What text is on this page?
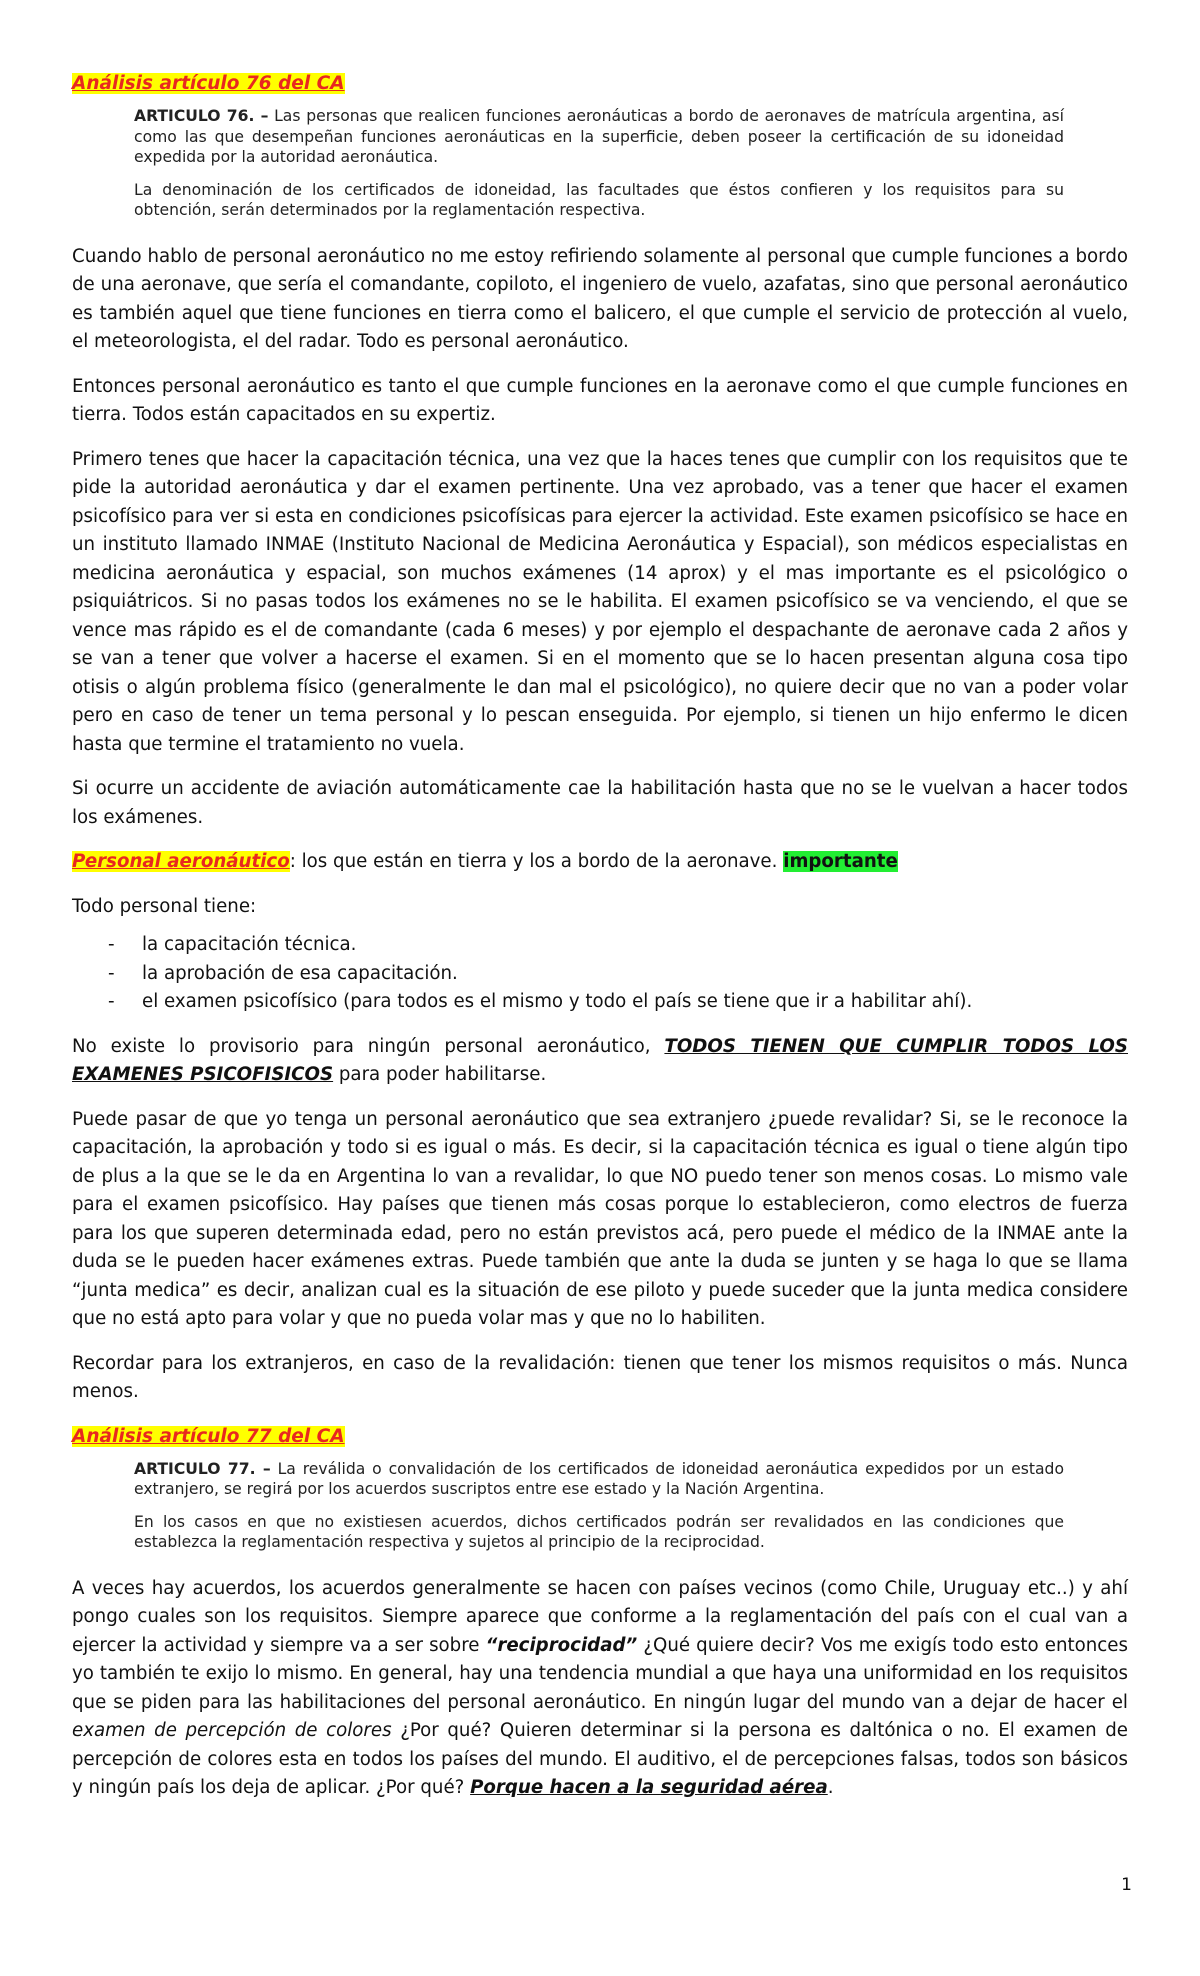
Análisis artículo 76 del CA

ARTICULO 76. – Las personas que realicen funciones aeronáuticas a bordo de aeronaves de matrícula argentina, así como las que desempeñan funciones aeronáuticas en la superficie, deben poseer la certificación de su idoneidad expedida por la autoridad aeronáutica.

La denominación de los certificados de idoneidad, las facultades que éstos confieren y los requisitos para su obtención, serán determinados por la reglamentación respectiva.

Cuando hablo de personal aeronáutico no me estoy refiriendo solamente al personal que cumple funciones a bordo de una aeronave, que sería el comandante, copiloto, el ingeniero de vuelo, azafatas, sino que personal aeronáutico es también aquel que tiene funciones en tierra como el balicero, el que cumple el servicio de protección al vuelo, el meteorologista, el del radar. Todo es personal aeronáutico.

Entonces personal aeronáutico es tanto el que cumple funciones en la aeronave como el que cumple funciones en tierra. Todos están capacitados en su expertiz.

Primero tenes que hacer la capacitación técnica, una vez que la haces tenes que cumplir con los requisitos que te pide la autoridad aeronáutica y dar el examen pertinente. Una vez aprobado, vas a tener que hacer el examen psicofísico para ver si esta en condiciones psicofísicas para ejercer la actividad. Este examen psicofísico se hace en un instituto llamado INMAE (Instituto Nacional de Medicina Aeronáutica y Espacial), son médicos especialistas en medicina aeronáutica y espacial, son muchos exámenes (14 aprox) y el mas importante es el psicológico o psiquiátricos. Si no pasas todos los exámenes no se le habilita. El examen psicofísico se va venciendo, el que se vence mas rápido es el de comandante (cada 6 meses) y por ejemplo el despachante de aeronave cada 2 años y se van a tener que volver a hacerse el examen. Si en el momento que se lo hacen presentan alguna cosa tipo otisis o algún problema físico (generalmente le dan mal el psicológico), no quiere decir que no van a poder volar pero en caso de tener un tema personal y lo pescan enseguida. Por ejemplo, si tienen un hijo enfermo le dicen hasta que termine el tratamiento no vuela.

Si ocurre un accidente de aviación automáticamente cae la habilitación hasta que no se le vuelvan a hacer todos los exámenes.

Personal aeronáutico: los que están en tierra y los a bordo de la aeronave. importante

Todo personal tiene:

- la capacitación técnica.
- la aprobación de esa capacitación.
- el examen psicofísico (para todos es el mismo y todo el país se tiene que ir a habilitar ahí).

No existe lo provisorio para ningún personal aeronáutico, TODOS TIENEN QUE CUMPLIR TODOS LOS EXAMENES PSICOFISICOS para poder habilitarse.

Puede pasar de que yo tenga un personal aeronáutico que sea extranjero ¿puede revalidar? Si, se le reconoce la capacitación, la aprobación y todo si es igual o más. Es decir, si la capacitación técnica es igual o tiene algún tipo de plus a la que se le da en Argentina lo van a revalidar, lo que NO puedo tener son menos cosas. Lo mismo vale para el examen psicofísico. Hay países que tienen más cosas porque lo establecieron, como electros de fuerza para los que superen determinada edad, pero no están previstos acá, pero puede el médico de la INMAE ante la duda se le pueden hacer exámenes extras. Puede también que ante la duda se junten y se haga lo que se llama “junta medica” es decir, analizan cual es la situación de ese piloto y puede suceder que la junta medica considere que no está apto para volar y que no pueda volar mas y que no lo habiliten.

Recordar para los extranjeros, en caso de la revalidación: tienen que tener los mismos requisitos o más. Nunca menos.

Análisis artículo 77 del CA

ARTICULO 77. – La reválida o convalidación de los certificados de idoneidad aeronáutica expedidos por un estado extranjero, se regirá por los acuerdos suscriptos entre ese estado y la Nación Argentina.

En los casos en que no existiesen acuerdos, dichos certificados podrán ser revalidados en las condiciones que establezca la reglamentación respectiva y sujetos al principio de la reciprocidad.

A veces hay acuerdos, los acuerdos generalmente se hacen con países vecinos (como Chile, Uruguay etc..) y ahí pongo cuales son los requisitos. Siempre aparece que conforme a la reglamentación del país con el cual van a ejercer la actividad y siempre va a ser sobre “reciprocidad” ¿Qué quiere decir? Vos me exigís todo esto entonces yo también te exijo lo mismo. En general, hay una tendencia mundial a que haya una uniformidad en los requisitos que se piden para las habilitaciones del personal aeronáutico. En ningún lugar del mundo van a dejar de hacer el examen de percepción de colores ¿Por qué? Quieren determinar si la persona es daltónica o no. El examen de percepción de colores esta en todos los países del mundo. El auditivo, el de percepciones falsas, todos son básicos y ningún país los deja de aplicar. ¿Por qué? Porque hacen a la seguridad aérea.

1
